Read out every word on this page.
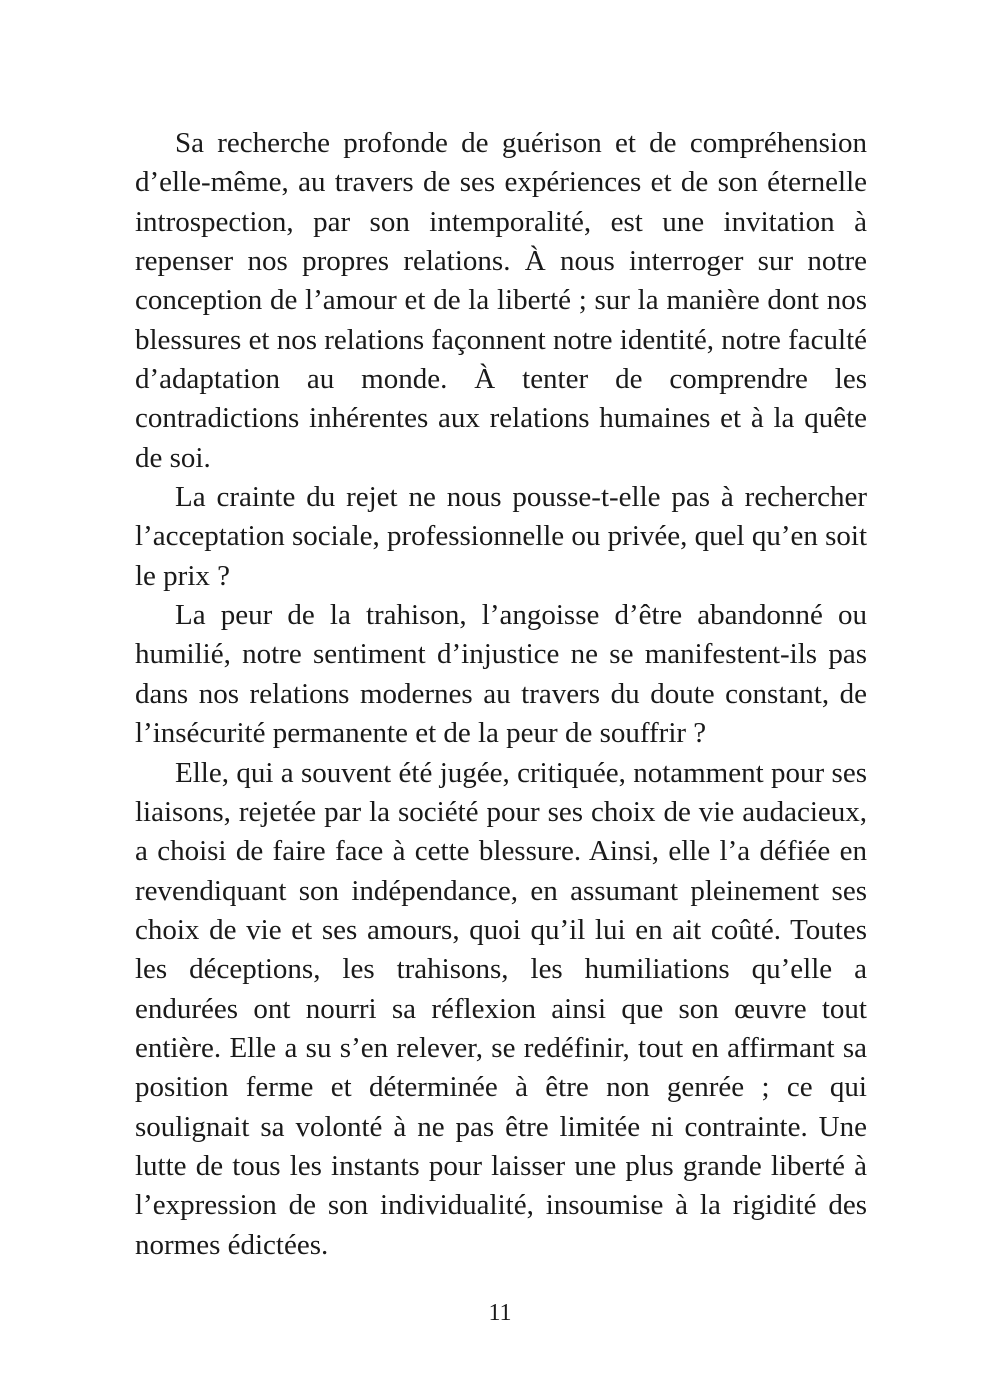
Sa recherche profonde de guérison et de compréhension d’elle-même, au travers de ses expériences et de son éternelle introspection, par son intemporalité, est une invitation à repenser nos propres relations. À nous interroger sur notre conception de l’amour et de la liberté ; sur la manière dont nos blessures et nos relations façonnent notre identité, notre faculté d’adaptation au monde. À tenter de comprendre les contradictions inhérentes aux relations humaines et à la quête de soi.

La crainte du rejet ne nous pousse-t-elle pas à rechercher l’acceptation sociale, professionnelle ou privée, quel qu’en soit le prix ?

La peur de la trahison, l’angoisse d’être abandonné ou humilié, notre sentiment d’injustice ne se manifestent-ils pas dans nos relations modernes au travers du doute constant, de l’insécurité permanente et de la peur de souffrir ?

Elle, qui a souvent été jugée, critiquée, notamment pour ses liaisons, rejetée par la société pour ses choix de vie audacieux, a choisi de faire face à cette blessure. Ainsi, elle l’a défiée en revendiquant son indépendance, en assumant pleinement ses choix de vie et ses amours, quoi qu’il lui en ait coûté. Toutes les déceptions, les trahisons, les humiliations qu’elle a endurées ont nourri sa réflexion ainsi que son œuvre tout entière. Elle a su s’en relever, se redéfinir, tout en affirmant sa position ferme et déterminée à être non genrée ; ce qui soulignait sa volonté à ne pas être limitée ni contrainte. Une lutte de tous les instants pour laisser une plus grande liberté à l’expression de son individualité, insoumise à la rigidité des normes édictées.

11
